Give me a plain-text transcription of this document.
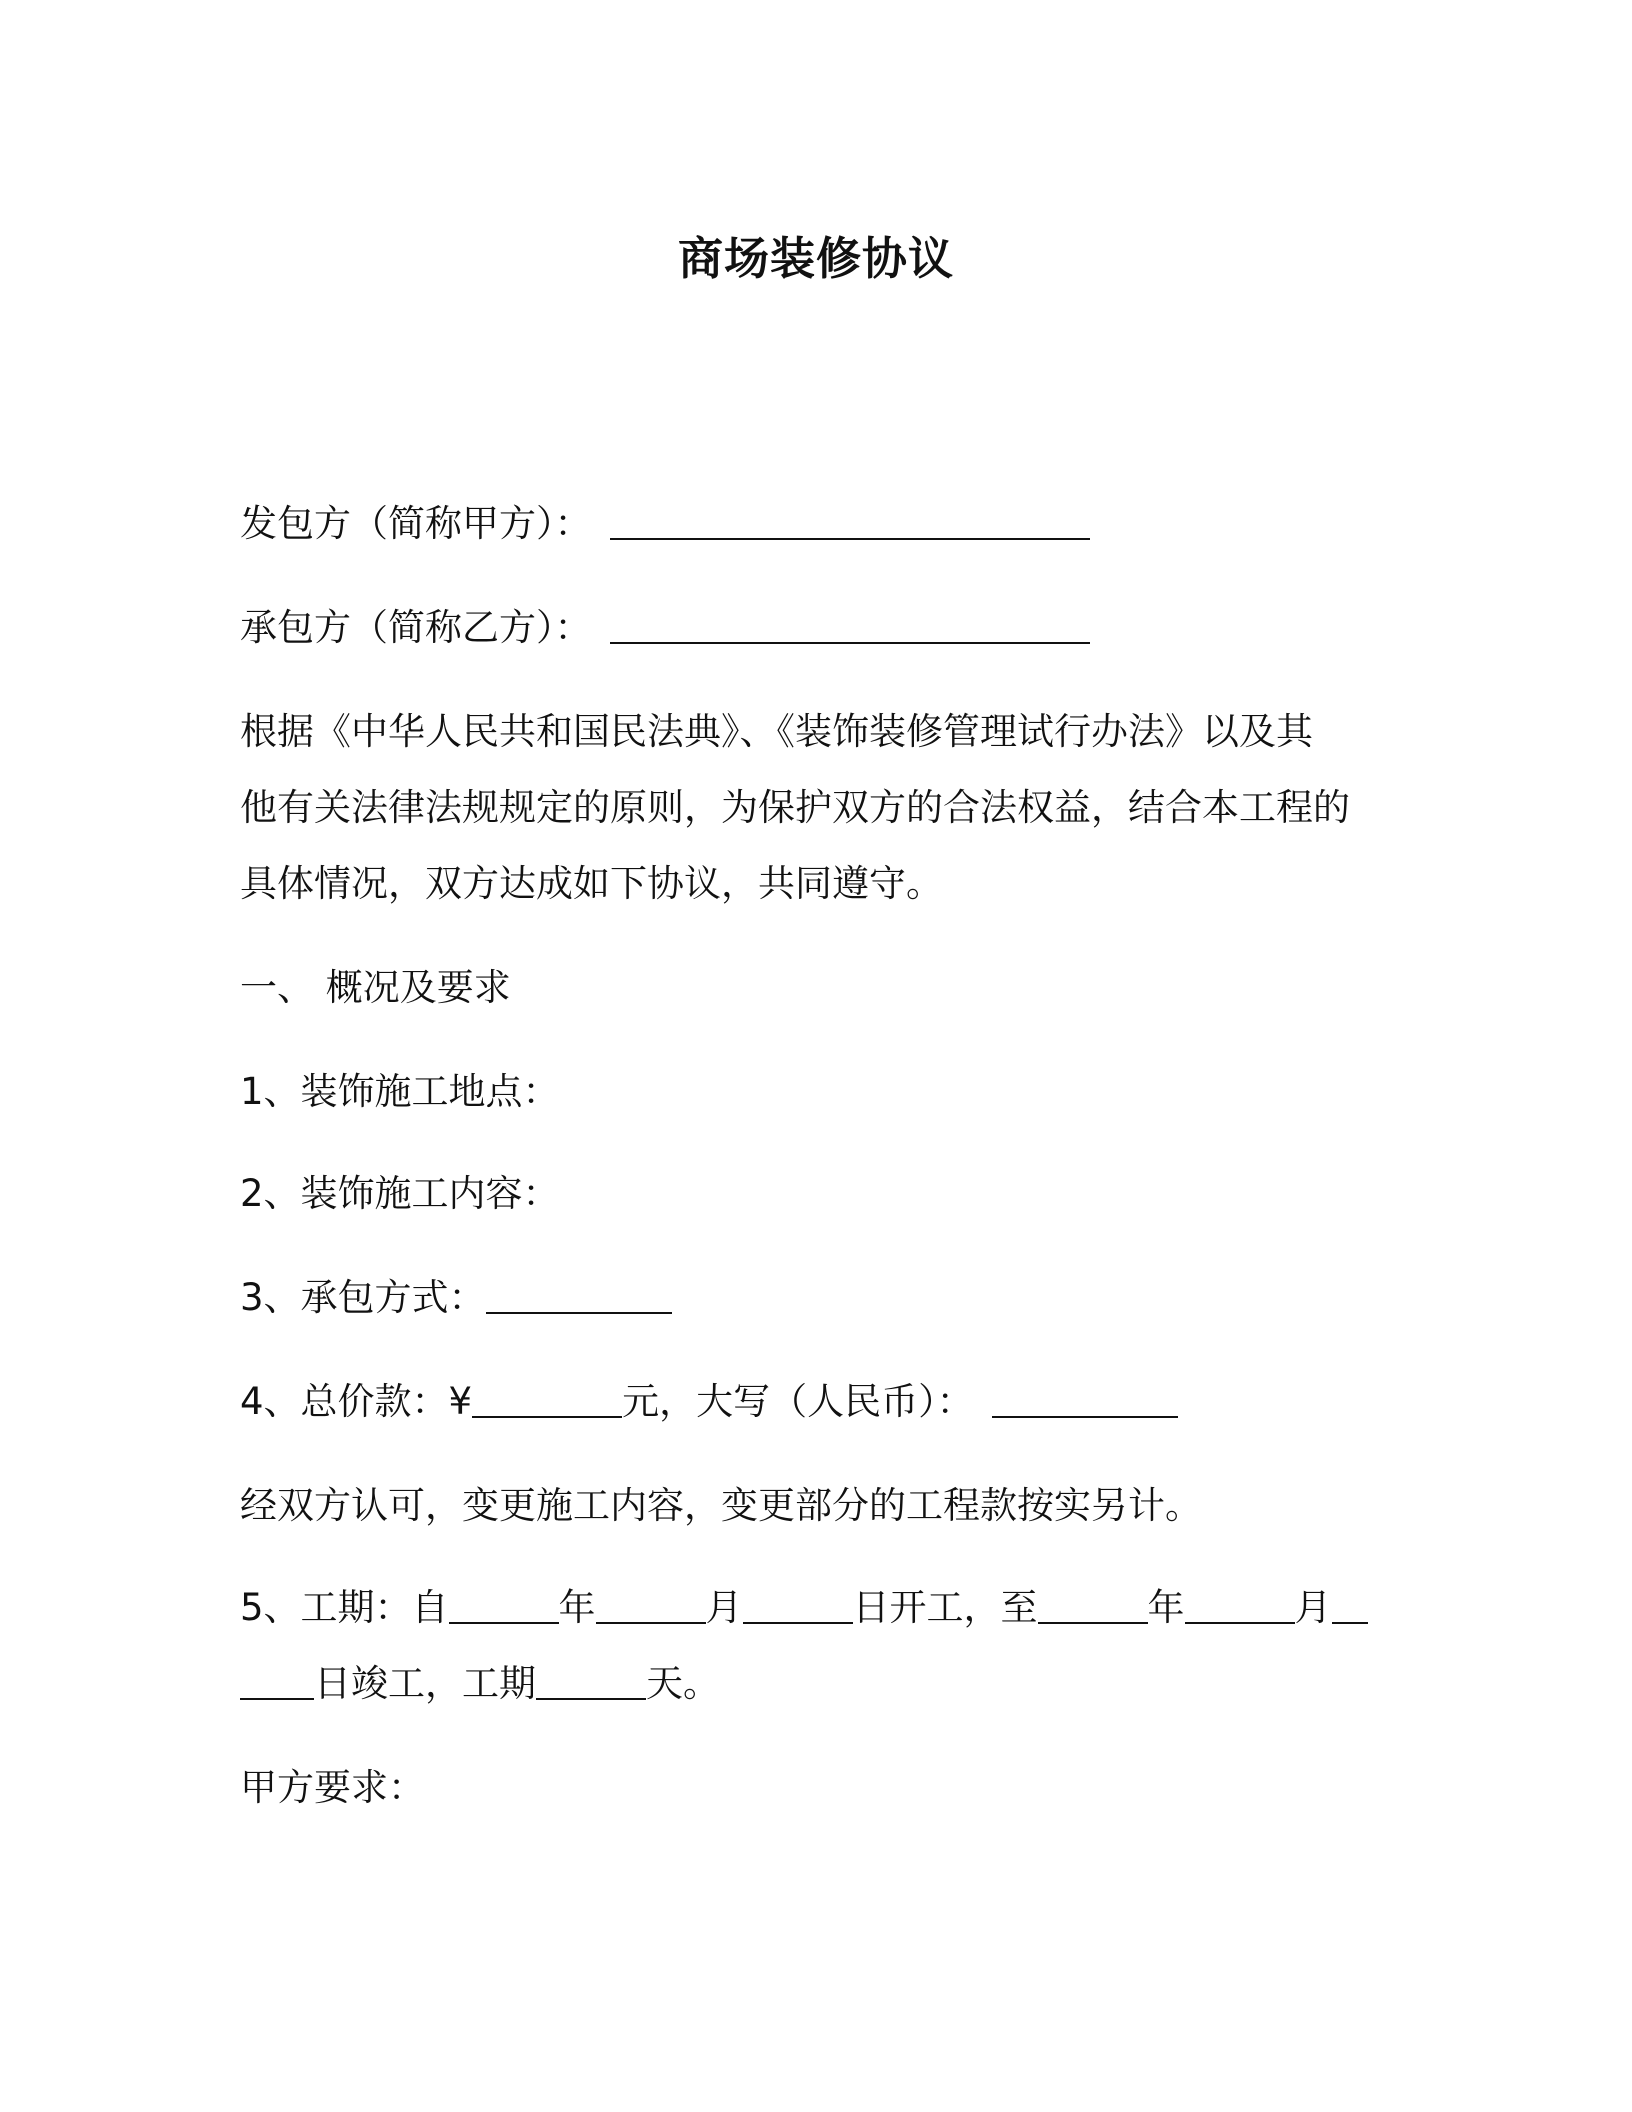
商场装修协议
发包方（简称甲方）：
承包方（简称乙方）：
根据《中华人民共和国民法典》、《装饰装修管理试行办法》以及其
他有关法律法规规定的原则，为保护双方的合法权益，结合本工程的
具体情况，双方达成如下协议，共同遵守。
一、 概况及要求
1、装饰施工地点：
2、装饰施工内容：
3、承包方式：
4、总价款：¥	元，大写（人民币）：
经双方认可，变更施工内容，变更部分的工程款按实另计。
5、工期：自	年	月	日开工，至	年	月
日竣工，工期	天。
甲方要求：
